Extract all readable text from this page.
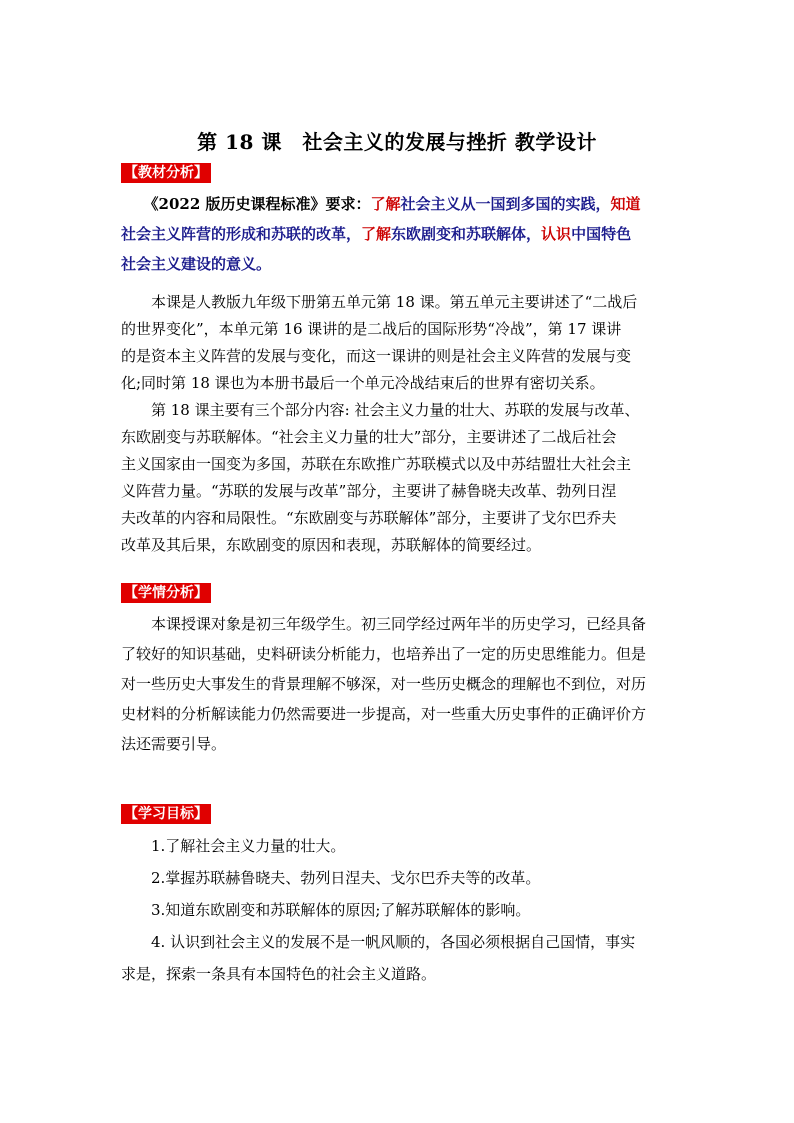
第 18 课　社会主义的发展与挫折 教学设计
【教材分析】
　　《2022 版历史课程标准》要求：了解社会主义从一国到多国的实践，知道
社会主义阵营的形成和苏联的改革，了解东欧剧变和苏联解体，认识中国特色
社会主义建设的意义。
　　本课是人教版九年级下册第五单元第 18 课。第五单元主要讲述了“二战后
的世界变化”，本单元第 16 课讲的是二战后的国际形势“冷战”，第 17 课讲
的是资本主义阵营的发展与变化，而这一课讲的则是社会主义阵营的发展与变
化;同时第 18 课也为本册书最后一个单元冷战结束后的世界有密切关系。
　　第 18 课主要有三个部分内容: 社会主义力量的壮大、苏联的发展与改革、
东欧剧变与苏联解体。“社会主义力量的壮大”部分，主要讲述了二战后社会
主义国家由一国变为多国，苏联在东欧推广苏联模式以及中苏结盟壮大社会主
义阵营力量。“苏联的发展与改革”部分，主要讲了赫鲁晓夫改革、勃列日涅
夫改革的内容和局限性。“东欧剧变与苏联解体”部分，主要讲了戈尔巴乔夫
改革及其后果，东欧剧变的原因和表现，苏联解体的简要经过。
【学情分析】
　　本课授课对象是初三年级学生。初三同学经过两年半的历史学习，已经具备
了较好的知识基础，史料研读分析能力，也培养出了一定的历史思维能力。但是
对一些历史大事发生的背景理解不够深，对一些历史概念的理解也不到位，对历
史材料的分析解读能力仍然需要进一步提高，对一些重大历史事件的正确评价方
法还需要引导。
【学习目标】
　　1.了解社会主义力量的壮大。
　　2.掌握苏联赫鲁晓夫、勃列日涅夫、戈尔巴乔夫等的改革。
　　3.知道东欧剧变和苏联解体的原因;了解苏联解体的影响。
　　4. 认识到社会主义的发展不是一帆风顺的，各国必须根据自己国情，事实
求是，探索一条具有本国特色的社会主义道路。
